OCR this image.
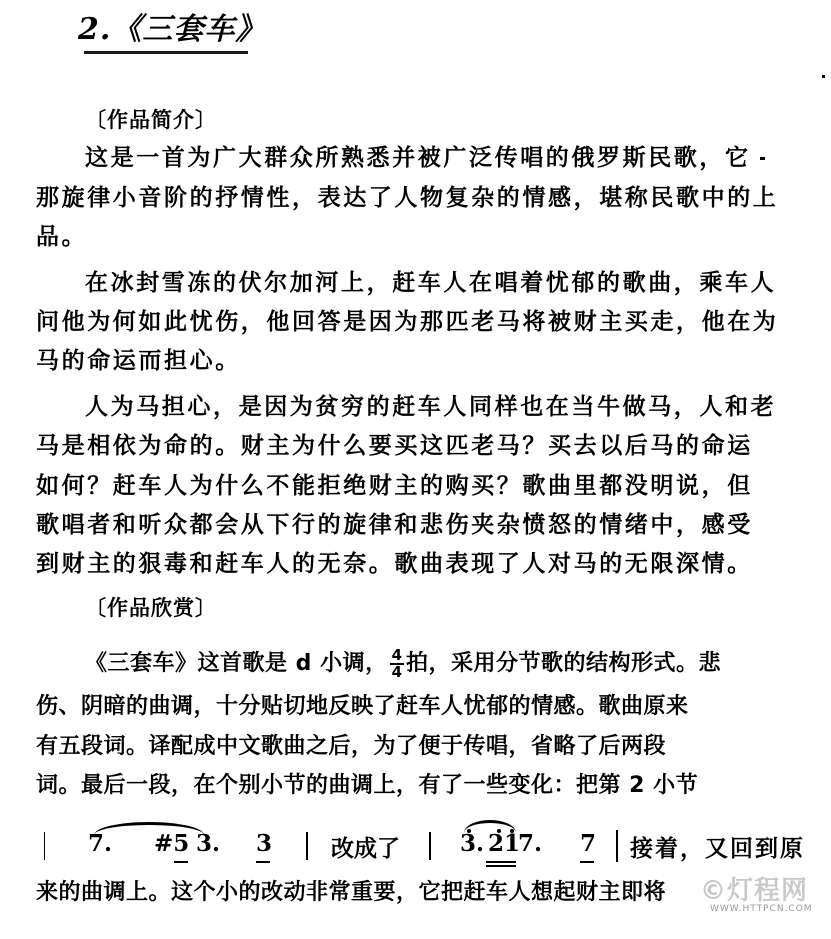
2.《三套车》
〔作品简介〕
这是一首为广大群众所熟悉并被广泛传唱的俄罗斯民歌，它
那旋律小音阶的抒情性，表达了人物复杂的情感，堪称民歌中的上
品。
在冰封雪冻的伏尔加河上，赶车人在唱着忧郁的歌曲，乘车人
问他为何如此忧伤，他回答是因为那匹老马将被财主买走，他在为
马的命运而担心。
人为马担心，是因为贫穷的赶车人同样也在当牛做马，人和老
马是相依为命的。财主为什么要买这匹老马？买去以后马的命运
如何？赶车人为什么不能拒绝财主的购买？歌曲里都没明说，但
歌唱者和听众都会从下行的旋律和悲伤夹杂愤怒的情绪中，感受
到财主的狠毒和赶车人的无奈。歌曲表现了人对马的无限深情。
〔作品欣赏〕
《三套车》这首歌是 d 小调， $\frac{4}{4}$ 拍，采用分节歌的结构形式。悲
伤、阴暗的曲调，十分贴切地反映了赶车人忧郁的情感。歌曲原来
有五段词。译配成中文歌曲之后，为了便于传唱，省略了后两段
词。最后一段，在个别小节的曲调上，有了一些变化：把第 2 小节
7. #5 3. 3	改成了	3. 21
7. 7 接着，又回到原
来的曲调上。这个小的改动非常重要，它把赶车人想起财主即将	©灯程网
WWW.HTTPCN.COM
